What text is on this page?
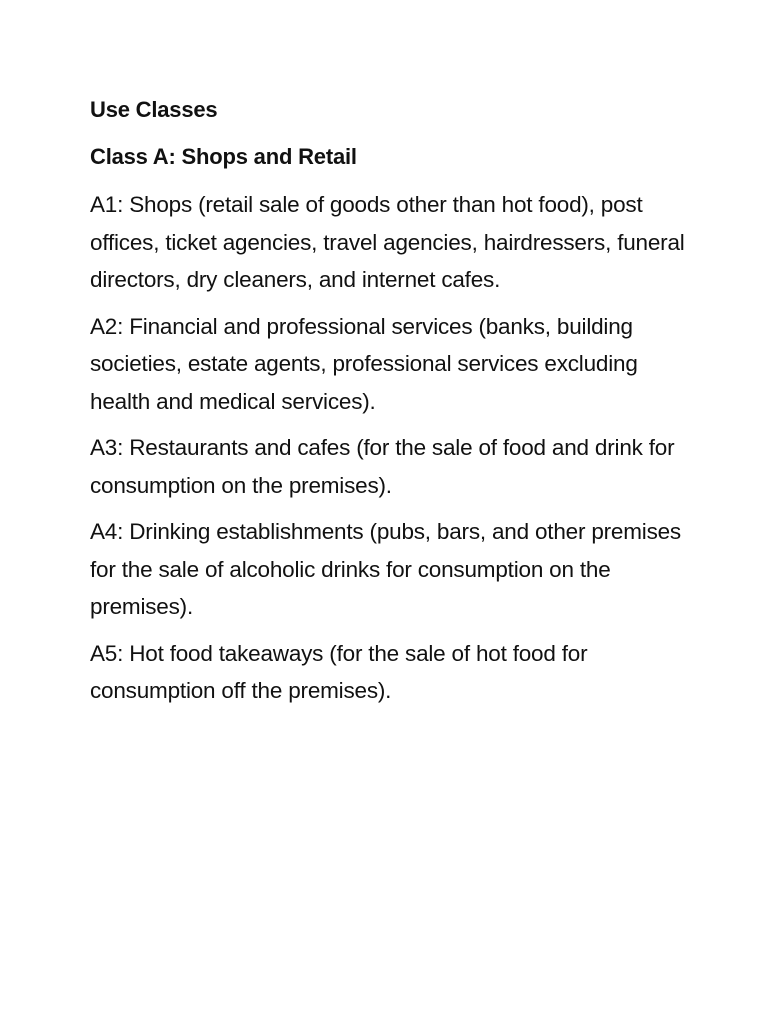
Use Classes
Class A: Shops and Retail
A1: Shops (retail sale of goods other than hot food), post offices, ticket agencies, travel agencies, hairdressers, funeral directors, dry cleaners, and internet cafes.
A2: Financial and professional services (banks, building societies, estate agents, professional services excluding health and medical services).
A3: Restaurants and cafes (for the sale of food and drink for consumption on the premises).
A4: Drinking establishments (pubs, bars, and other premises for the sale of alcoholic drinks for consumption on the premises).
A5: Hot food takeaways (for the sale of hot food for consumption off the premises).
